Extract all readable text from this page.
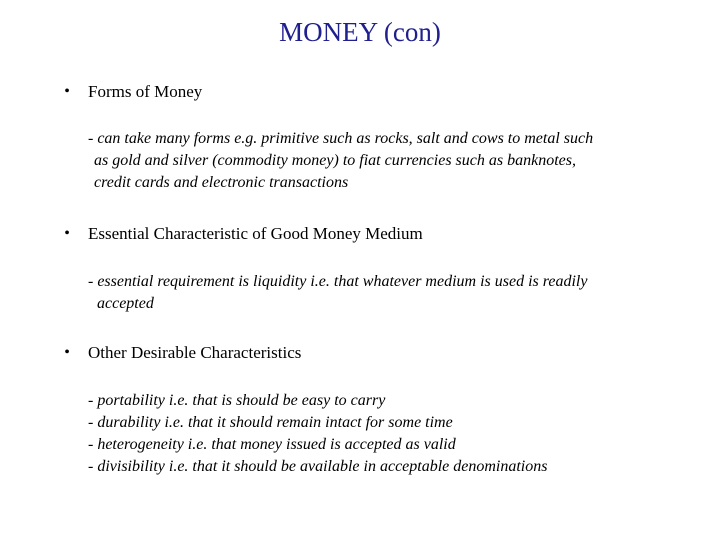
MONEY (con)
• Forms of Money
- can take many forms e.g. primitive such as rocks, salt and cows to metal such
as gold and silver (commodity money) to fiat currencies such as banknotes,
credit cards and electronic transactions
• Essential Characteristic of Good Money Medium
- essential requirement is liquidity i.e. that whatever medium is used is readily
accepted
• Other Desirable Characteristics
- portability i.e. that is should be easy to carry
- durability i.e. that it should remain intact for some time
- heterogeneity i.e. that money issued is accepted as valid
- divisibility i.e. that it should be available in acceptable denominations
